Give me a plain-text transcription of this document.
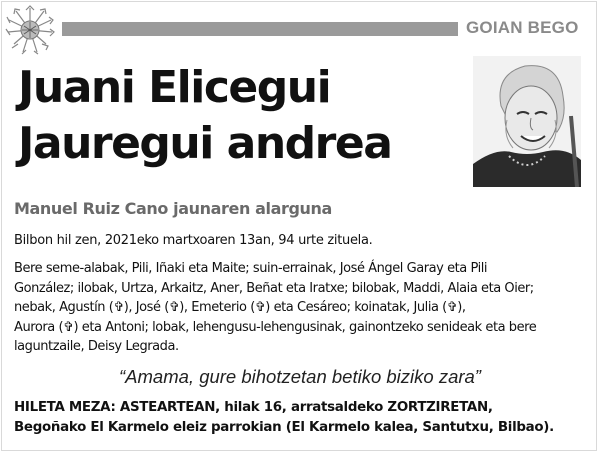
GOIAN BEGO
Juani Elicegui
Jauregui andrea
Manuel Ruiz Cano jaunaren alarguna
Bilbon hil zen, 2021eko martxoaren 13an, 94 urte zituela.
Bere seme-alabak, Pili, Iñaki eta Maite; suin-errainak, José Ángel Garay eta Pili
González; ilobak, Urtza, Arkaitz, Aner, Beñat eta Iratxe; bilobak, Maddi, Alaia eta Oier;
nebak, Agustín (✞), José (✞), Emeterio (✞) eta Cesáreo; koinatak, Julia (✞),
Aurora (✞) eta Antoni; lobak, lehengusu-lehengusinak, gainontzeko senideak eta bere
laguntzaile, Deisy Legrada.
“Amama, gure bihotzetan betiko biziko zara”
HILETA MEZA: ASTEARTEAN, hilak 16, arratsaldeko ZORTZIRETAN,
Begoñako El Karmelo eleiz parrokian (El Karmelo kalea, Santutxu, Bilbao).
